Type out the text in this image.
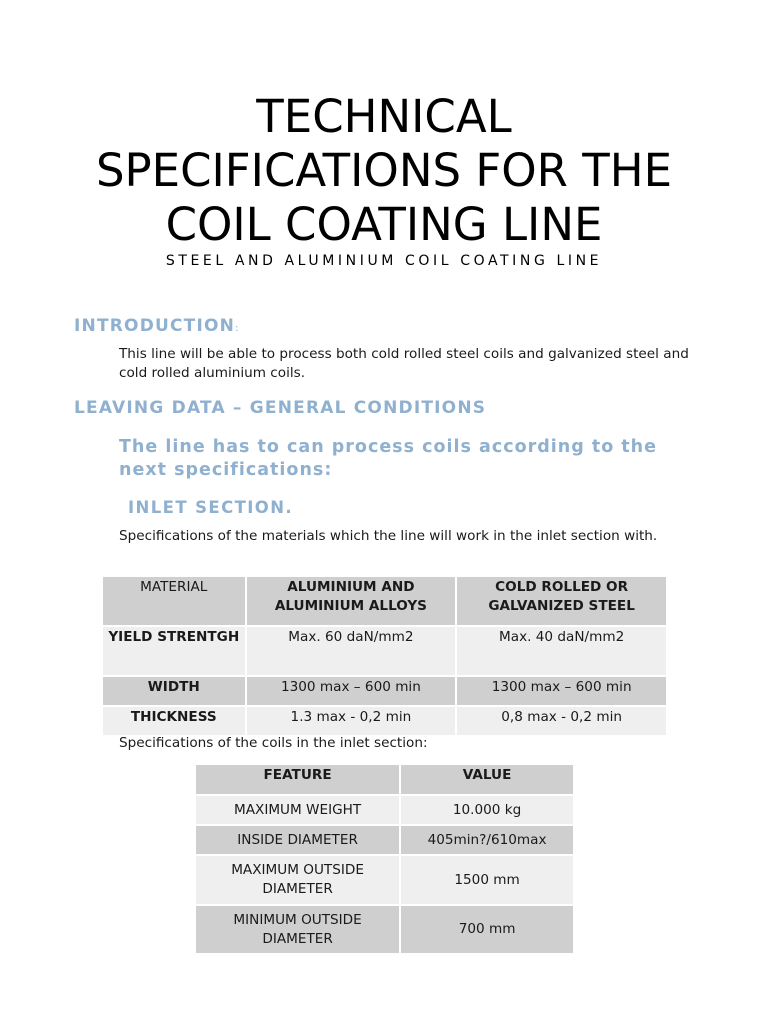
TECHNICAL
SPECIFICATIONS FOR THE
COIL COATING LINE
STEEL AND ALUMINIUM COIL COATING LINE
INTRODUCTION:

This line will be able to process both cold rolled steel coils and galvanized steel and cold rolled aluminium coils.

LEAVING DATA – GENERAL CONDITIONS
The line has to can process coils according to the next specifications:
INLET SECTION.

Specifications of the materials which the line will work in the inlet section with.

MATERIAL	ALUMINIUM AND ALUMINIUM ALLOYS	COLD ROLLED OR GALVANIZED STEEL
YIELD STRENTGH	Max. 60 daN/mm2	Max. 40 daN/mm2
WIDTH	1300 max – 600 min	1300 max – 600 min
THICKNESS	1.3 max - 0,2 min	0,8 max - 0,2 min

Specifications of the coils in the inlet section:

FEATURE	VALUE
MAXIMUM WEIGHT	10.000 kg
INSIDE DIAMETER	405min?/610max
MAXIMUM OUTSIDE DIAMETER	1500 mm
MINIMUM OUTSIDE DIAMETER	700 mm
